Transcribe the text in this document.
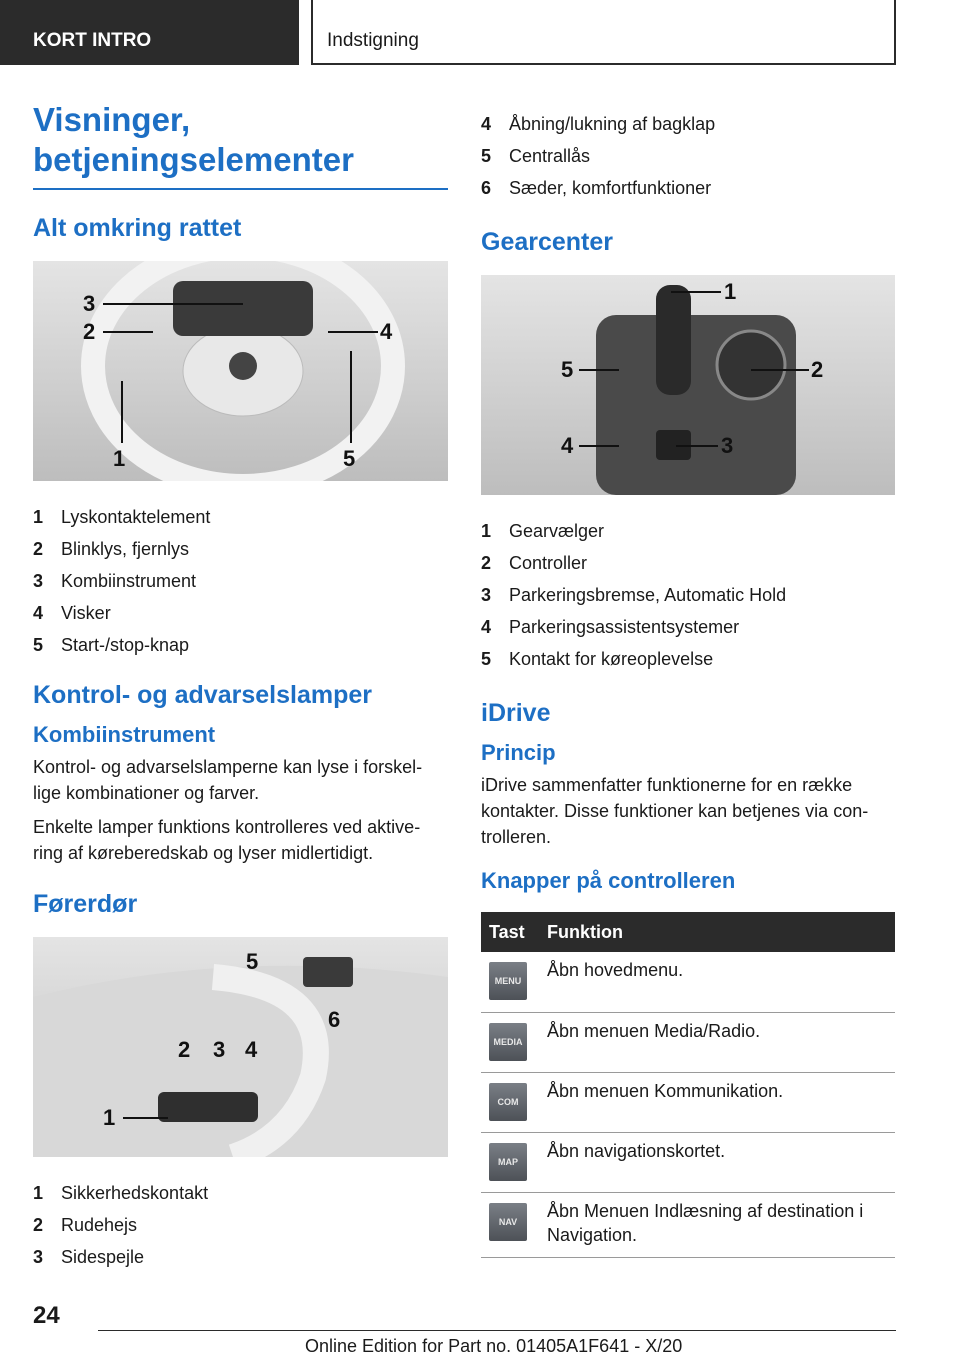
KORT INTRO	Indstigning
Visninger,
betjeningselementer
Alt omkring rattet
3
2	4
1	5
1 Lyskontaktelement
2 Blinklys, fjernlys
3 Kombiinstrument
4 Visker
5 Start-/stop-knap
Kontrol- og advarselslamper
Kombiinstrument

Kontrol- og advarselslamperne kan lyse i forskel-lige kombinationer og farver.

Enkelte lamper funktions kontrolleres ved aktive-ring af køreberedskab og lyser midlertidigt.

Førerdør
5
6
2 3 4
1
1 Sikkerhedskontakt
2 Rudehejs
3 Sidespejle
4 Åbning/lukning af bagklap
5 Centrallås
6 Sæder, komfortfunktioner
Gearcenter
1
2
5
4	3
1 Gearvælger
2 Controller
3 Parkeringsbremse, Automatic Hold
4 Parkeringsassistentsystemer
5 Kontakt for køreoplevelse
iDrive
Princip

iDrive sammenfatter funktionerne for en række kontakter. Disse funktioner kan betjenes via con-trolleren.

Knapper på controlleren
Tast	Funktion

MENU	Åbn hovedmenu.

MEDIA	Åbn menuen Media/Radio.

COM	Åbn menuen Kommunikation.

MAP	Åbn navigationskortet.

NAV	Åbn Menuen Indlæsning af destination i Navigation.
24
Online Edition for Part no. 01405A1F641 - X/20
